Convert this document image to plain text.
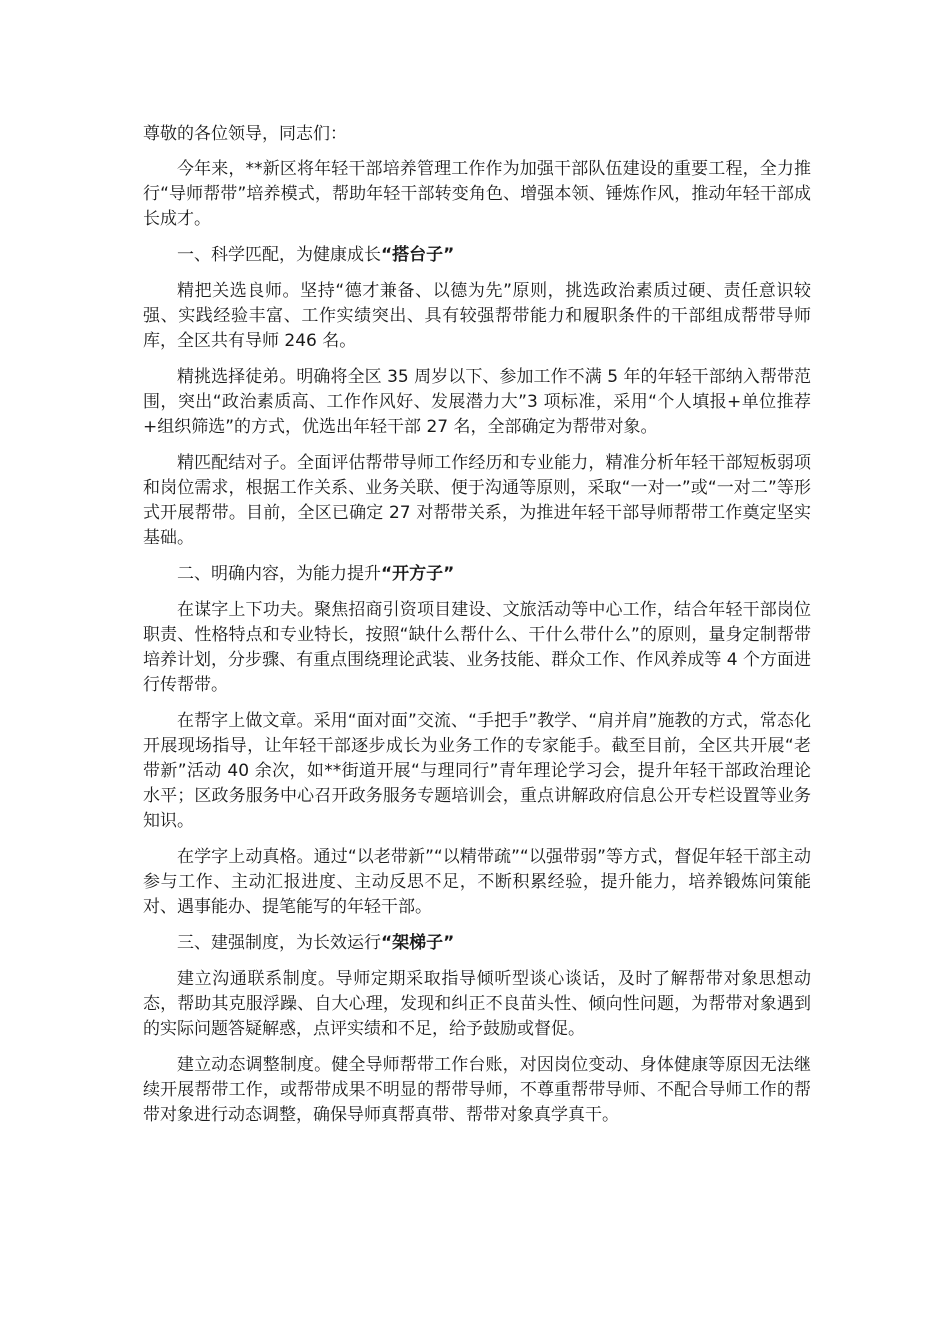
尊敬的各位领导，同志们：

今年来，**新区将年轻干部培养管理工作作为加强干部队伍建设的重要工程，全力推行“导师帮带”培养模式，帮助年轻干部转变角色、增强本领、锤炼作风，推动年轻干部成长成才。

一、科学匹配，为健康成长“搭台子”

精把关选良师。坚持“德才兼备、以德为先”原则，挑选政治素质过硬、责任意识较强、实践经验丰富、工作实绩突出、具有较强帮带能力和履职条件的干部组成帮带导师库，全区共有导师 246 名。

精挑选择徒弟。明确将全区 35 周岁以下、参加工作不满 5 年的年轻干部纳入帮带范围，突出“政治素质高、工作作风好、发展潜力大”3 项标准，采用“个人填报+单位推荐+组织筛选”的方式，优选出年轻干部 27 名，全部确定为帮带对象。

精匹配结对子。全面评估帮带导师工作经历和专业能力，精准分析年轻干部短板弱项和岗位需求，根据工作关系、业务关联、便于沟通等原则，采取“一对一”或“一对二”等形式开展帮带。目前，全区已确定 27 对帮带关系，为推进年轻干部导师帮带工作奠定坚实基础。

二、明确内容，为能力提升“开方子”

在谋字上下功夫。聚焦招商引资项目建设、文旅活动等中心工作，结合年轻干部岗位职责、性格特点和专业特长，按照“缺什么帮什么、干什么带什么”的原则，量身定制帮带培养计划，分步骤、有重点围绕理论武装、业务技能、群众工作、作风养成等 4 个方面进行传帮带。

在帮字上做文章。采用“面对面”交流、“手把手”教学、“肩并肩”施教的方式，常态化开展现场指导，让年轻干部逐步成长为业务工作的专家能手。截至目前，全区共开展“老带新”活动 40 余次，如**街道开展“与理同行”青年理论学习会，提升年轻干部政治理论水平；区政务服务中心召开政务服务专题培训会，重点讲解政府信息公开专栏设置等业务知识。

在学字上动真格。通过“以老带新”“以精带疏”“以强带弱”等方式，督促年轻干部主动参与工作、主动汇报进度、主动反思不足，不断积累经验，提升能力，培养锻炼问策能对、遇事能办、提笔能写的年轻干部。

三、建强制度，为长效运行“架梯子”

建立沟通联系制度。导师定期采取指导倾听型谈心谈话，及时了解帮带对象思想动态，帮助其克服浮躁、自大心理，发现和纠正不良苗头性、倾向性问题，为帮带对象遇到的实际问题答疑解惑，点评实绩和不足，给予鼓励或督促。

建立动态调整制度。健全导师帮带工作台账，对因岗位变动、身体健康等原因无法继续开展帮带工作，或帮带成果不明显的帮带导师，不尊重帮带导师、不配合导师工作的帮带对象进行动态调整，确保导师真帮真带、帮带对象真学真干。
